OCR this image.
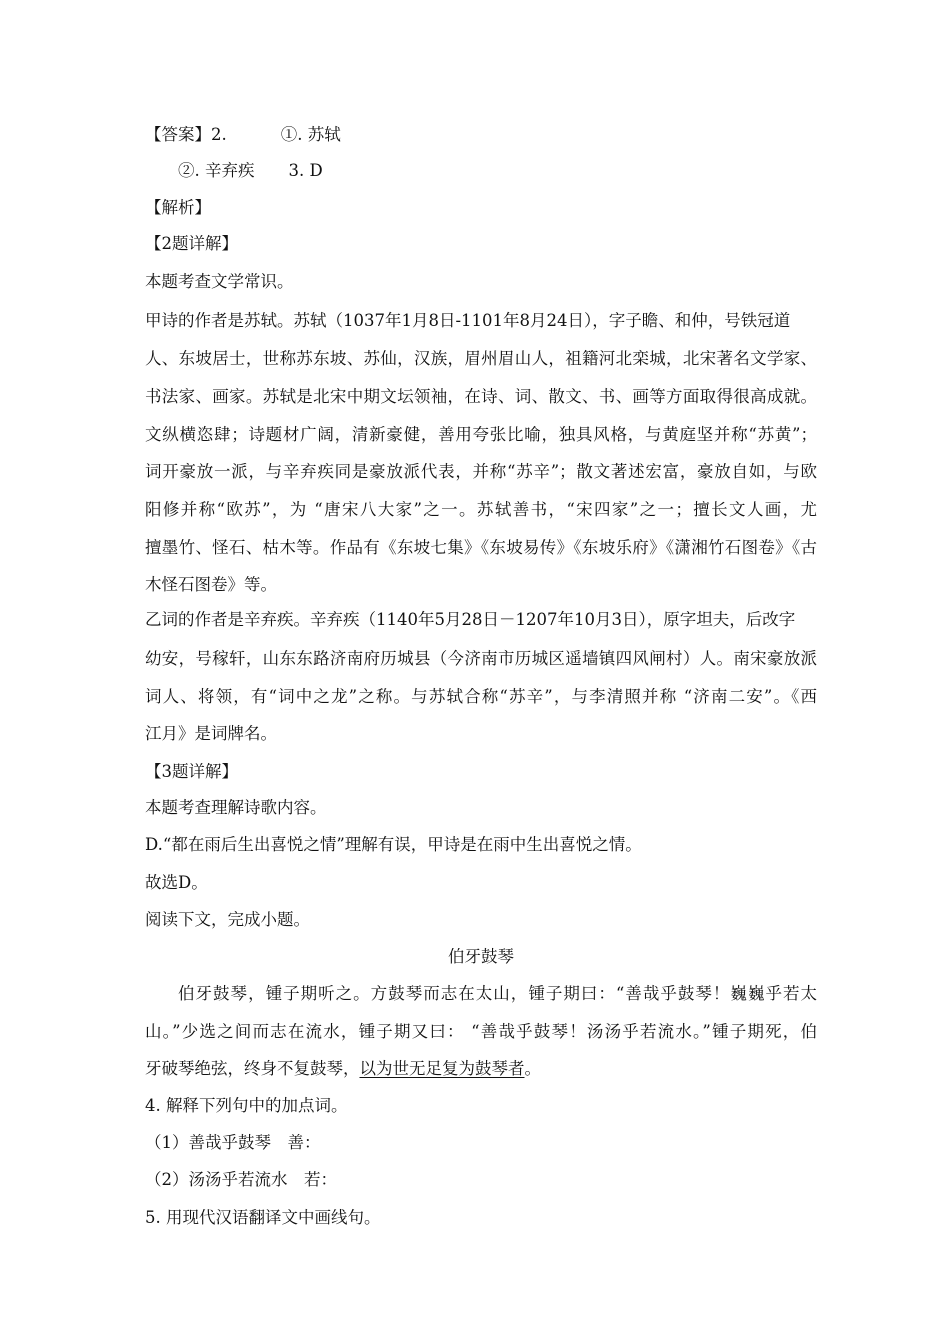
【答案】2.	①. 苏轼
②. 辛弃疾 3. D
【解析】
【2题详解】
本题考查文学常识。
甲诗的作者是苏轼。苏轼（1037年1月8日-1101年8月24日），字子瞻、和仲，号铁冠道
人、东坡居士，世称苏东坡、苏仙，汉族，眉州眉山人，祖籍河北栾城，北宋著名文学家、
书法家、画家。苏轼是北宋中期文坛领袖，在诗、词、散文、书、画等方面取得很高成就。
文纵横恣肆；诗题材广阔，清新豪健，善用夸张比喻，独具风格，与黄庭坚并称“苏黄”；
词开豪放一派，与辛弃疾同是豪放派代表，并称“苏辛”；散文著述宏富，豪放自如，与欧
阳修并称“欧苏”，为 “唐宋八大家”之一。苏轼善书，“宋四家”之一；擅长文人画，尤
擅墨竹、怪石、枯木等。作品有《东坡七集》《东坡易传》《东坡乐府》《潇湘竹石图卷》《古
木怪石图卷》等。
乙词的作者是辛弃疾。辛弃疾（1140年5月28日－1207年10月3日），原字坦夫，后改字
幼安，号稼轩，山东东路济南府历城县（今济南市历城区遥墙镇四风闸村）人。南宋豪放派
词人、将领，有“词中之龙”之称。与苏轼合称“苏辛”，与李清照并称 “济南二安”。《西
江月》是词牌名。
【3题详解】
本题考查理解诗歌内容。
D.“都在雨后生出喜悦之情”理解有误，甲诗是在雨中生出喜悦之情。
故选D。
阅读下文，完成小题。
伯牙鼓琴
伯牙鼓琴，锺子期听之。方鼓琴而志在太山，锺子期曰：“善哉乎鼓琴！巍巍乎若太
山。”少选之间而志在流水，锺子期又曰： “善哉乎鼓琴！汤汤乎若流水。”锺子期死，伯
牙破琴绝弦，终身不复鼓琴，以为世无足复为鼓琴者。
4. 解释下列句中的加点词。
（1）善哉乎鼓琴　善：
（2）汤汤乎若流水　若：
5. 用现代汉语翻译文中画线句。
